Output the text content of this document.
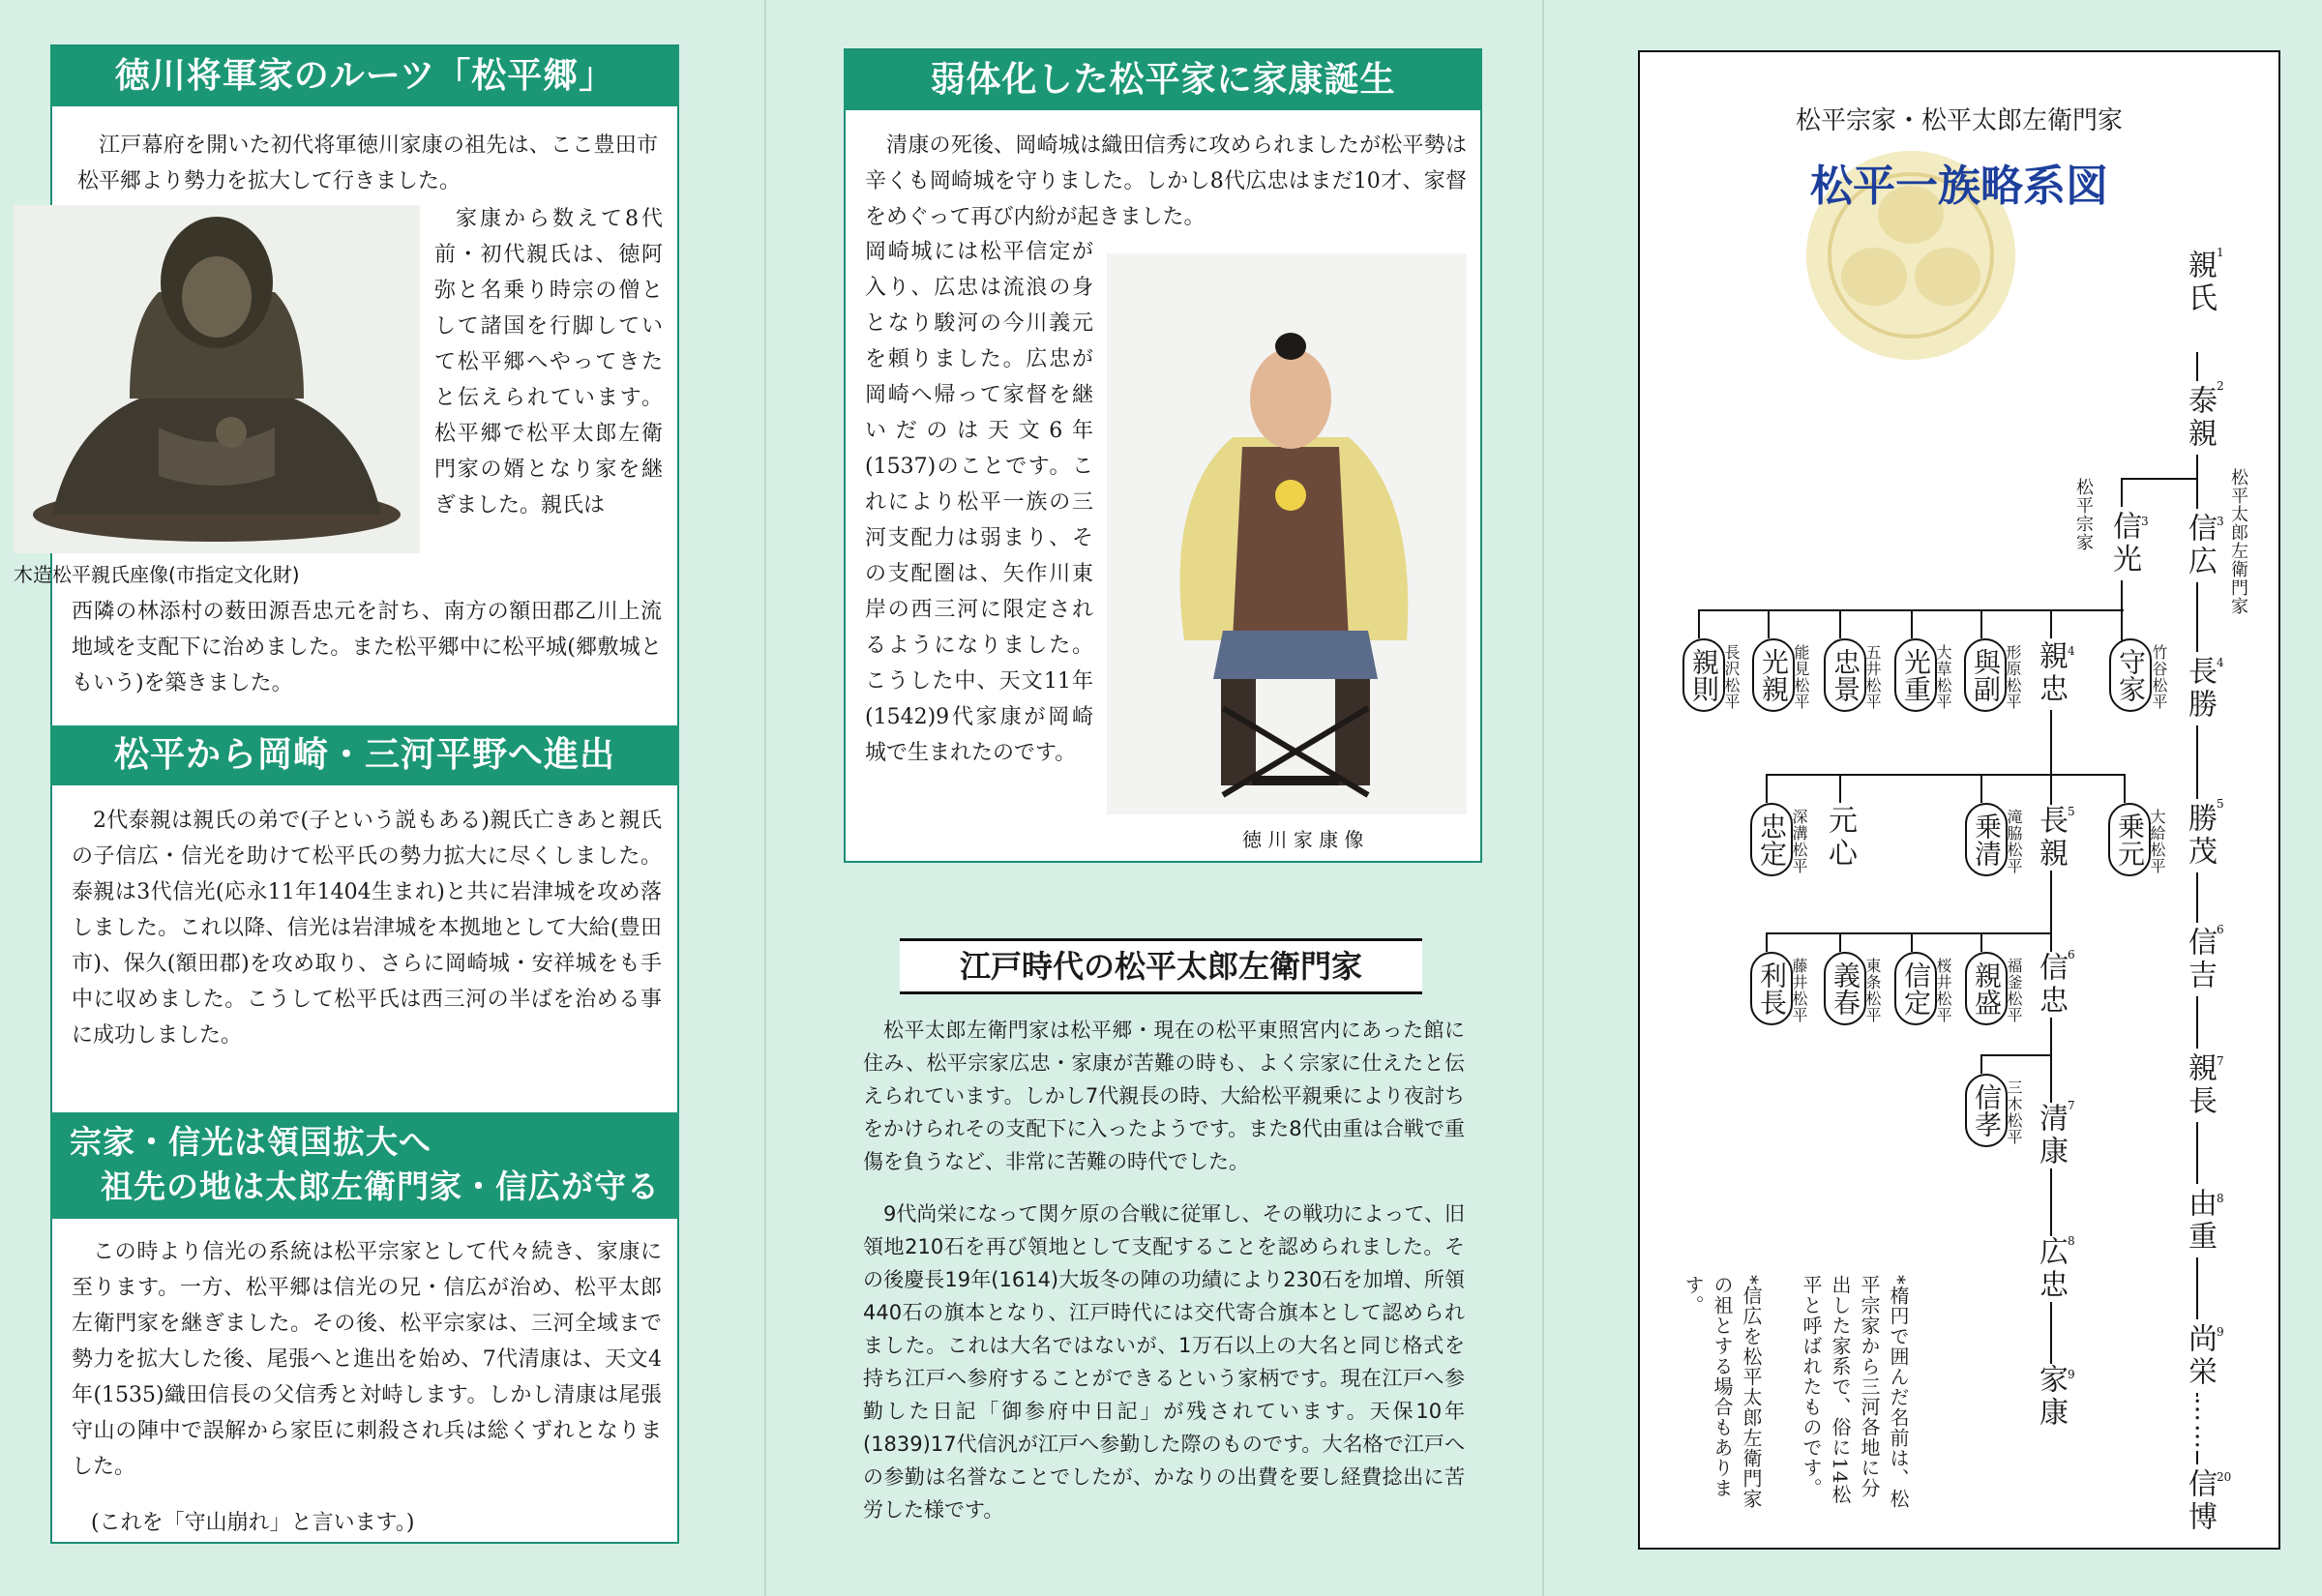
徳川将軍家のルーツ「松平郷」

江戸幕府を開いた初代将軍徳川家康の祖先は、ここ豊田市松平郷より勢力を拡大して行きました。

木造松平親氏座像(市指定文化財)
家康から数えて8代前・初代親氏は、徳阿弥と名乗り時宗の僧として諸国を行脚していて松平郷へやってきたと伝えられています。松平郷で松平太郎左衛門家の婿となり家を継ぎました。親氏は
西隣の林添村の薮田源吾忠元を討ち、南方の額田郡乙川上流地域を支配下に治めました。また松平郷中に松平城(郷敷城ともいう)を築きました。
松平から岡崎・三河平野へ進出

2代泰親は親氏の弟で(子という説もある)親氏亡きあと親氏の子信広・信光を助けて松平氏の勢力拡大に尽くしました。泰親は3代信光(応永11年1404生まれ)と共に岩津城を攻め落しました。これ以降、信光は岩津城を本拠地として大給(豊田市)、保久(額田郡)を攻め取り、さらに岡崎城・安祥城をも手中に収めました。こうして松平氏は西三河の半ばを治める事に成功しました。

宗家・信光は領国拡大へ
祖先の地は太郎左衛門家・信広が守る

この時より信光の系統は松平宗家として代々続き、家康に至ります。一方、松平郷は信光の兄・信広が治め、松平太郎左衛門家を継ぎました。その後、松平宗家は、三河全域まで勢力を拡大した後、尾張へと進出を始め、7代清康は、天文4年(1535)織田信長の父信秀と対峙します。しかし清康は尾張守山の陣中で誤解から家臣に刺殺され兵は総くずれとなりました。

(これを「守山崩れ」と言います。)
弱体化した松平家に家康誕生

清康の死後、岡崎城は織田信秀に攻められましたが松平勢は辛くも岡崎城を守りました。しかし8代広忠はまだ10才、家督をめぐって再び内紛が起きました。

岡崎城には松平信定が入り、広忠は流浪の身となり駿河の今川義元を頼りました。広忠が岡崎へ帰って家督を継いだのは天文6年(1537)のことです。これにより松平一族の三河支配力は弱まり、その支配圏は、矢作川東岸の西三河に限定されるようになりました。こうした中、天文11年(1542)9代家康が岡崎城で生まれたのです。
徳 川 家 康 像
江戸時代の松平太郎左衛門家

松平太郎左衛門家は松平郷・現在の松平東照宮内にあった館に住み、松平宗家広忠・家康が苦難の時も、よく宗家に仕えたと伝えられています。しかし7代親長の時、大給松平親乗により夜討ちをかけられその支配下に入ったようです。また8代由重は合戦で重傷を負うなど、非常に苦難の時代でした。

9代尚栄になって関ケ原の合戦に従軍し、その戦功によって、旧領地210石を再び領地として支配することを認められました。その後慶長19年(1614)大坂冬の陣の功績により230石を加増、所領440石の旗本となり、江戸時代には交代寄合旗本として認められました。これは大名ではないが、1万石以上の大名と同じ格式を持ち江戸へ参府することができるという家柄です。現在江戸へ参勤した日記「御参府中日記」が残されています。天保10年(1839)17代信汎が江戸へ参勤した際のものです。大名格で江戸への参勤は名誉なことでしたが、かなりの出費を要し経費捻出に苦労した様です。

松平宗家・松平太郎左衛門家
松平一族略系図
親氏 1
泰親 2
信広 3
長勝 4
勝茂 5
信吉 6
親長 7
由重 8
尚栄 9
……
信博 20
松平太郎左衛門家
松平宗家 信光 3
守家 竹谷松平
親忠 4
與副 形原松平
光重 大草松平
忠景 五井松平
光親 能見松平
親則 長沢松平
乗元 大給松平
長親 5
乗清 滝脇松平
元心
忠定 深溝松平
信忠 6
親盛 福釜松平
信定 桜井松平
義春 東条松平
利長 藤井松平
信孝 三木松平 清康 7
広忠 8
家康 9
*楕円で囲んだ名前は、松平宗家から三河各地に分出した家系で、俗に14松平と呼ばれたものです。
*信広を松平太郎左衛門家の祖とする場合もあります。
